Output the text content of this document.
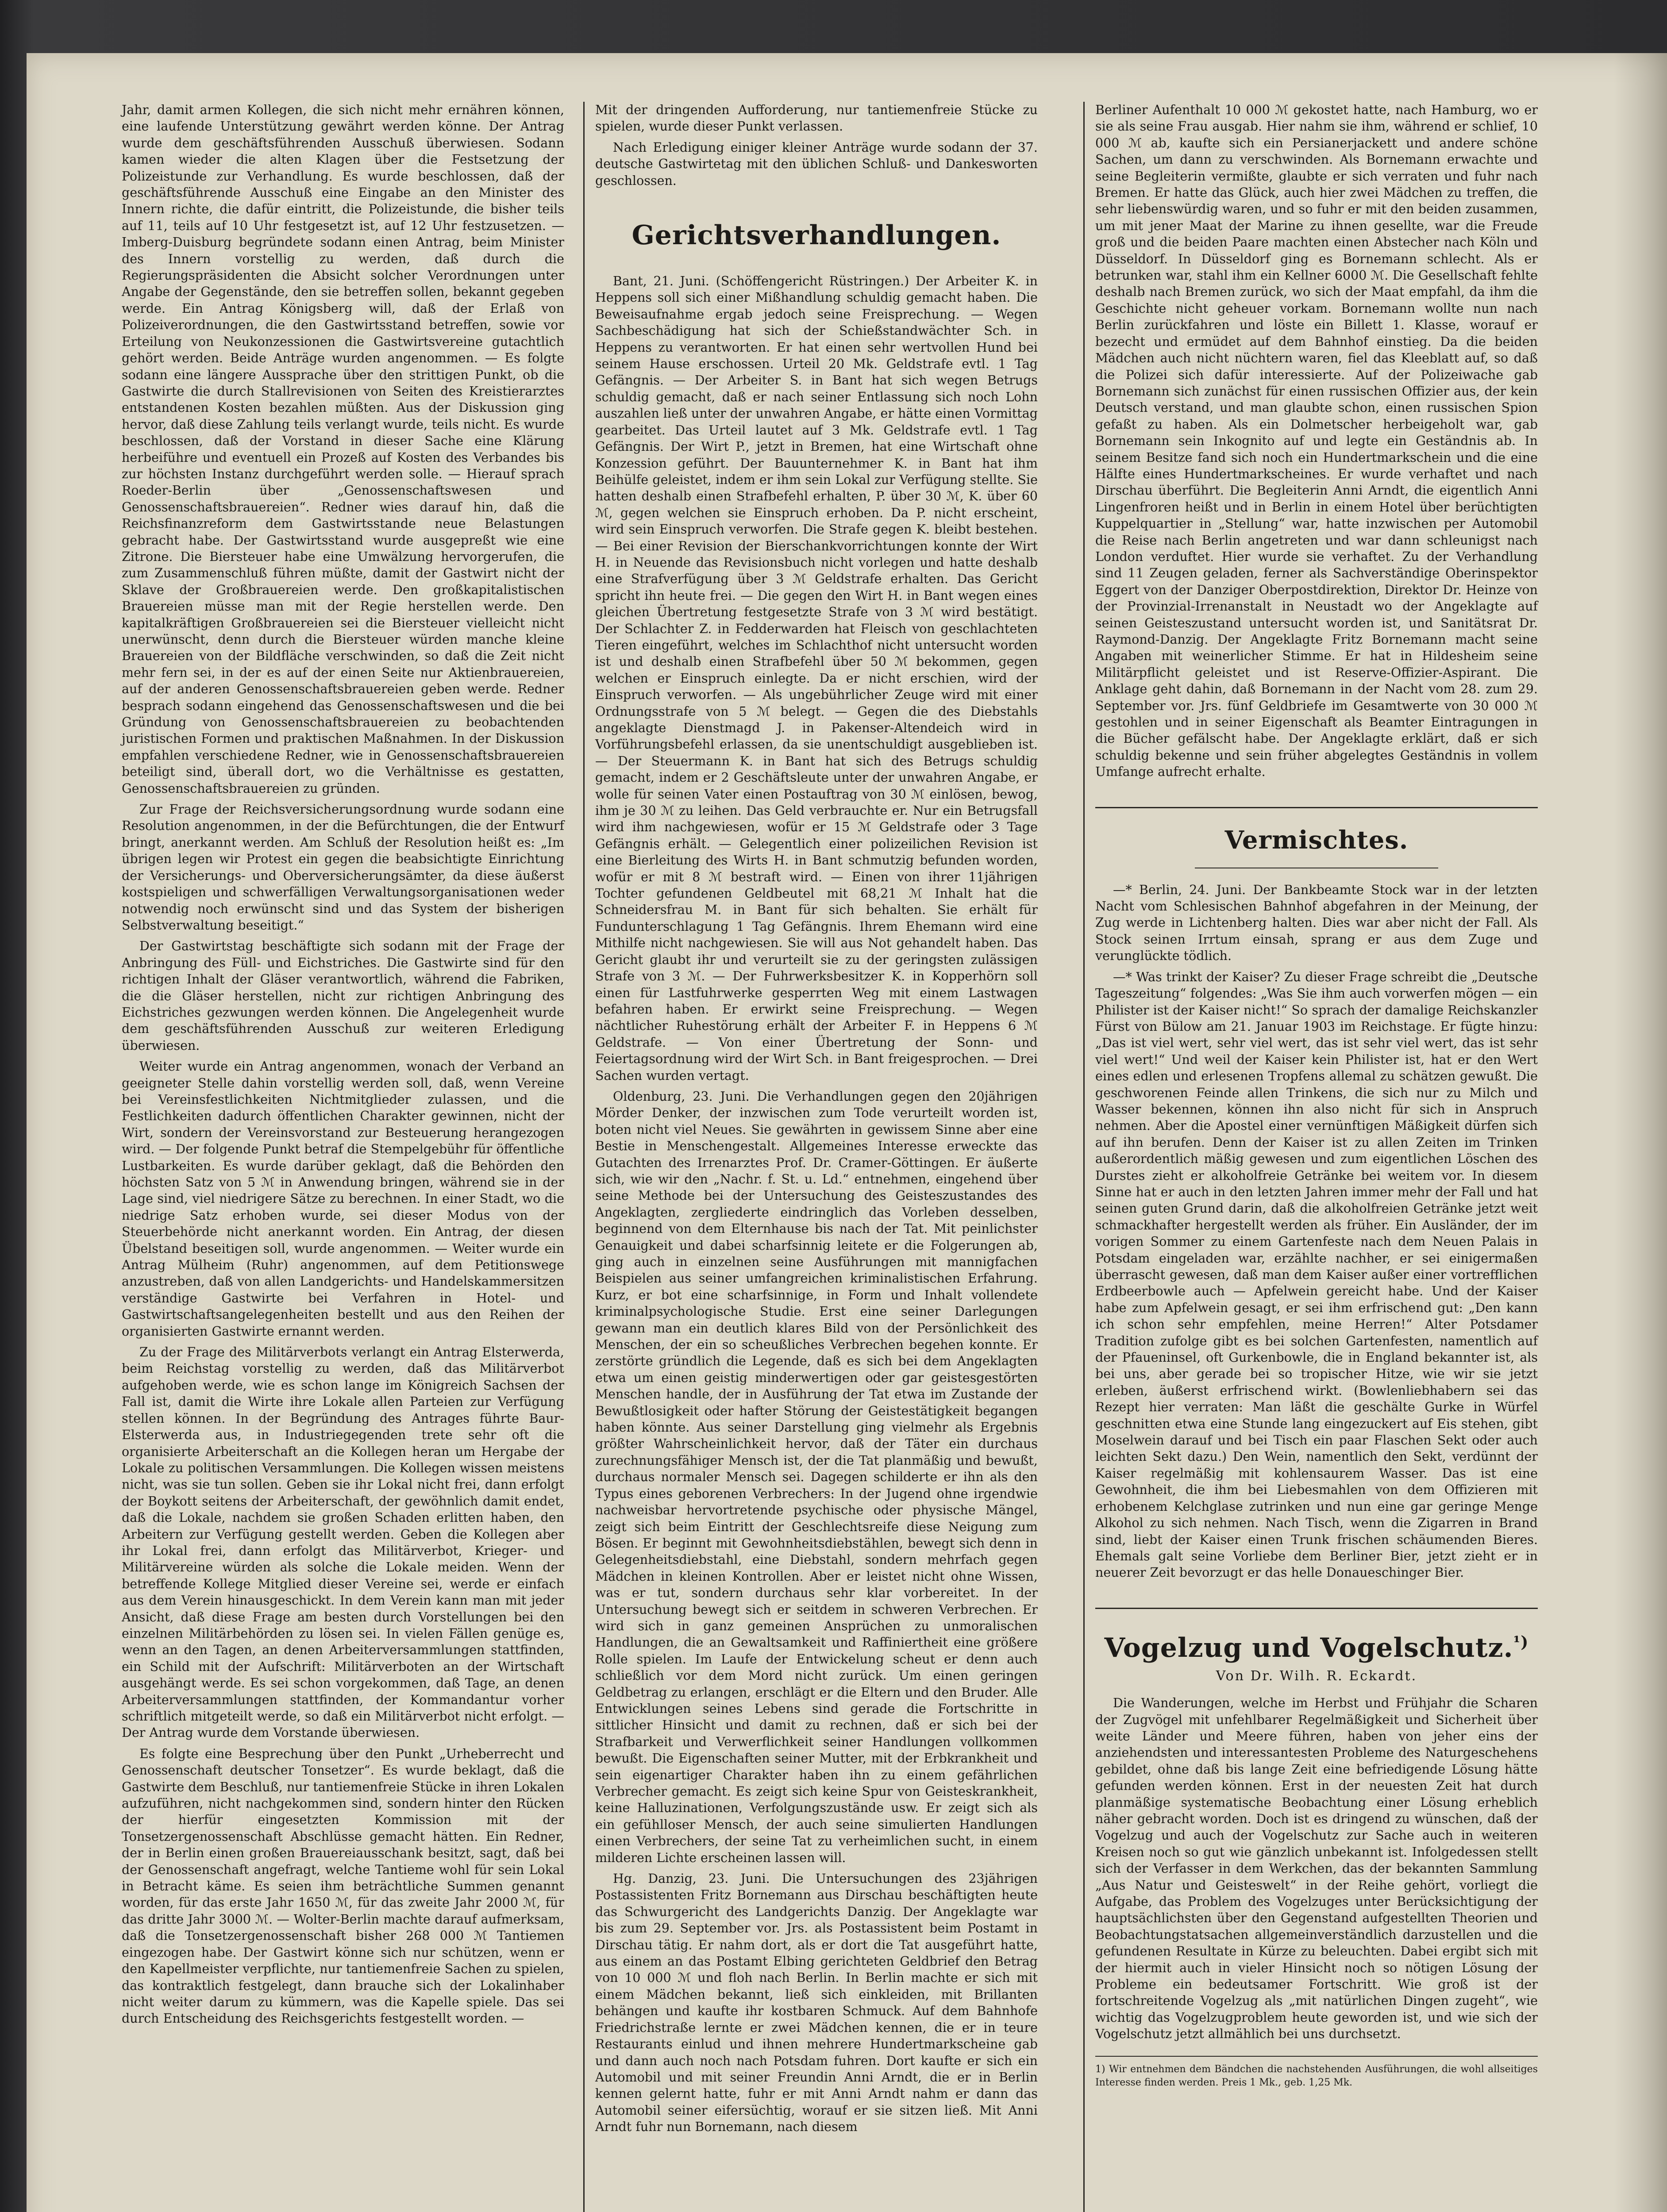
Jahr, damit armen Kollegen, die sich nicht mehr ernähren können, eine laufende Unterstützung gewährt werden könne. Der Antrag wurde dem geschäftsführenden Ausschuß überwiesen. Sodann kamen wieder die alten Klagen über die Festsetzung der Polizeistunde zur Verhandlung. Es wurde beschlossen, daß der geschäftsführende Ausschuß eine Eingabe an den Minister des Innern richte, die dafür eintritt, die Polizeistunde, die bisher teils auf 11, teils auf 10 Uhr festgesetzt ist, auf 12 Uhr festzusetzen. — Imberg-Duisburg begründete sodann einen Antrag, beim Minister des Innern vorstellig zu werden, daß durch die Regierungspräsidenten die Absicht solcher Verordnungen unter Angabe der Gegenstände, den sie betreffen sollen, bekannt gegeben werde. Ein Antrag Königsberg will, daß der Erlaß von Polizeiverordnungen, die den Gastwirtsstand betreffen, sowie vor Erteilung von Neukonzessionen die Gastwirtsvereine gutachtlich gehört werden. Beide Anträge wurden angenommen. — Es folgte sodann eine längere Aussprache über den strittigen Punkt, ob die Gastwirte die durch Stallrevisionen von Seiten des Kreistierarztes entstandenen Kosten bezahlen müßten. Aus der Diskussion ging hervor, daß diese Zahlung teils verlangt wurde, teils nicht. Es wurde beschlossen, daß der Vorstand in dieser Sache eine Klärung herbeiführe und eventuell ein Prozeß auf Kosten des Verbandes bis zur höchsten Instanz durchgeführt werden solle. — Hierauf sprach Roeder-Berlin über „Genossenschaftswesen und Genossenschaftsbrauereien“. Redner wies darauf hin, daß die Reichsfinanzreform dem Gastwirtsstande neue Belastungen gebracht habe. Der Gastwirtsstand wurde ausgepreßt wie eine Zitrone. Die Biersteuer habe eine Umwälzung hervorgerufen, die zum Zusammenschluß führen müßte, damit der Gastwirt nicht der Sklave der Großbrauereien werde. Den großkapitalistischen Brauereien müsse man mit der Regie herstellen werde. Den kapitalkräftigen Großbrauereien sei die Biersteuer vielleicht nicht unerwünscht, denn durch die Biersteuer würden manche kleine Brauereien von der Bildfläche verschwinden, so daß die Zeit nicht mehr fern sei, in der es auf der einen Seite nur Aktienbrauereien, auf der anderen Genossenschaftsbrauereien geben werde. Redner besprach sodann eingehend das Genossenschaftswesen und die bei Gründung von Genossenschaftsbrauereien zu beobachtenden juristischen Formen und praktischen Maßnahmen. In der Diskussion empfahlen verschiedene Redner, wie in Genossenschaftsbrauereien beteiligt sind, überall dort, wo die Verhältnisse es gestatten, Genossenschaftsbrauereien zu gründen.

Zur Frage der Reichsversicherungsordnung wurde sodann eine Resolution angenommen, in der die Befürchtungen, die der Entwurf bringt, anerkannt werden. Am Schluß der Resolution heißt es: „Im übrigen legen wir Protest ein gegen die beabsichtigte Einrichtung der Versicherungs- und Oberversicherungsämter, da diese äußerst kostspieligen und schwerfälligen Verwaltungsorganisationen weder notwendig noch erwünscht sind und das System der bisherigen Selbstverwaltung beseitigt.“

Der Gastwirtstag beschäftigte sich sodann mit der Frage der Anbringung des Füll- und Eichstriches. Die Gastwirte sind für den richtigen Inhalt der Gläser verantwortlich, während die Fabriken, die die Gläser herstellen, nicht zur richtigen Anbringung des Eichstriches gezwungen werden können. Die Angelegenheit wurde dem geschäftsführenden Ausschuß zur weiteren Erledigung überwiesen.

Weiter wurde ein Antrag angenommen, wonach der Verband an geeigneter Stelle dahin vorstellig werden soll, daß, wenn Vereine bei Vereinsfestlichkeiten Nichtmitglieder zulassen, und die Festlichkeiten dadurch öffentlichen Charakter gewinnen, nicht der Wirt, sondern der Vereinsvorstand zur Besteuerung herangezogen wird. — Der folgende Punkt betraf die Stempelgebühr für öffentliche Lustbarkeiten. Es wurde darüber geklagt, daß die Behörden den höchsten Satz von 5 ℳ in Anwendung bringen, während sie in der Lage sind, viel niedrigere Sätze zu berechnen. In einer Stadt, wo die niedrige Satz erhoben wurde, sei dieser Modus von der Steuerbehörde nicht anerkannt worden. Ein Antrag, der diesen Übelstand beseitigen soll, wurde angenommen. — Weiter wurde ein Antrag Mülheim (Ruhr) angenommen, auf dem Petitionswege anzustreben, daß von allen Landgerichts- und Handelskammersitzen verständige Gastwirte bei Verfahren in Hotel- und Gastwirtschaftsangelegenheiten bestellt und aus den Reihen der organisierten Gastwirte ernannt werden.

Zu der Frage des Militärverbots verlangt ein Antrag Elsterwerda, beim Reichstag vorstellig zu werden, daß das Militärverbot aufgehoben werde, wie es schon lange im Königreich Sachsen der Fall ist, damit die Wirte ihre Lokale allen Parteien zur Verfügung stellen können. In der Begründung des Antrages führte Baur-Elsterwerda aus, in Industriegegenden trete sehr oft die organisierte Arbeiterschaft an die Kollegen heran um Hergabe der Lokale zu politischen Versammlungen. Die Kollegen wissen meistens nicht, was sie tun sollen. Geben sie ihr Lokal nicht frei, dann erfolgt der Boykott seitens der Arbeiterschaft, der gewöhnlich damit endet, daß die Lokale, nachdem sie großen Schaden erlitten haben, den Arbeitern zur Verfügung gestellt werden. Geben die Kollegen aber ihr Lokal frei, dann erfolgt das Militärverbot, Krieger- und Militärvereine würden als solche die Lokale meiden. Wenn der betreffende Kollege Mitglied dieser Vereine sei, werde er einfach aus dem Verein hinausgeschickt. In dem Verein kann man mit jeder Ansicht, daß diese Frage am besten durch Vorstellungen bei den einzelnen Militärbehörden zu lösen sei. In vielen Fällen genüge es, wenn an den Tagen, an denen Arbeiterversammlungen stattfinden, ein Schild mit der Aufschrift: Militärverboten an der Wirtschaft ausgehängt werde. Es sei schon vorgekommen, daß Tage, an denen Arbeiterversammlungen stattfinden, der Kommandantur vorher schriftlich mitgeteilt werde, so daß ein Militärverbot nicht erfolgt. — Der Antrag wurde dem Vorstande überwiesen.

Es folgte eine Besprechung über den Punkt „Urheberrecht und Genossenschaft deutscher Tonsetzer“. Es wurde beklagt, daß die Gastwirte dem Beschluß, nur tantiemenfreie Stücke in ihren Lokalen aufzuführen, nicht nachgekommen sind, sondern hinter den Rücken der hierfür eingesetzten Kommission mit der Tonsetzergenossenschaft Abschlüsse gemacht hätten. Ein Redner, der in Berlin einen großen Brauereiausschank besitzt, sagt, daß bei der Genossenschaft angefragt, welche Tantieme wohl für sein Lokal in Betracht käme. Es seien ihm beträchtliche Summen genannt worden, für das erste Jahr 1650 ℳ, für das zweite Jahr 2000 ℳ, für das dritte Jahr 3000 ℳ. — Wolter-Berlin machte darauf aufmerksam, daß die Tonsetzergenossenschaft bisher 268 000 ℳ Tantiemen eingezogen habe. Der Gastwirt könne sich nur schützen, wenn er den Kapellmeister verpflichte, nur tantiemenfreie Sachen zu spielen, das kontraktlich festgelegt, dann brauche sich der Lokalinhaber nicht weiter darum zu kümmern, was die Kapelle spiele. Das sei durch Entscheidung des Reichsgerichts festgestellt worden. —

Mit der dringenden Aufforderung, nur tantiemenfreie Stücke zu spielen, wurde dieser Punkt verlassen.

Nach Erledigung einiger kleiner Anträge wurde sodann der 37. deutsche Gastwirtetag mit den üblichen Schluß- und Dankesworten geschlossen.

Gerichtsverhandlungen.

Bant, 21. Juni. (Schöffengericht Rüstringen.) Der Arbeiter K. in Heppens soll sich einer Mißhandlung schuldig gemacht haben. Die Beweisaufnahme ergab jedoch seine Freisprechung. — Wegen Sachbeschädigung hat sich der Schießstandwächter Sch. in Heppens zu verantworten. Er hat einen sehr wertvollen Hund bei seinem Hause erschossen. Urteil 20 Mk. Geldstrafe evtl. 1 Tag Gefängnis. — Der Arbeiter S. in Bant hat sich wegen Betrugs schuldig gemacht, daß er nach seiner Entlassung sich noch Lohn auszahlen ließ unter der unwahren Angabe, er hätte einen Vormittag gearbeitet. Das Urteil lautet auf 3 Mk. Geldstrafe evtl. 1 Tag Gefängnis. Der Wirt P., jetzt in Bremen, hat eine Wirtschaft ohne Konzession geführt. Der Bauunternehmer K. in Bant hat ihm Beihülfe geleistet, indem er ihm sein Lokal zur Verfügung stellte. Sie hatten deshalb einen Strafbefehl erhalten, P. über 30 ℳ, K. über 60 ℳ, gegen welchen sie Einspruch erhoben. Da P. nicht erscheint, wird sein Einspruch verworfen. Die Strafe gegen K. bleibt bestehen. — Bei einer Revision der Bierschankvorrichtungen konnte der Wirt H. in Neuende das Revisionsbuch nicht vorlegen und hatte deshalb eine Strafverfügung über 3 ℳ Geldstrafe erhalten. Das Gericht spricht ihn heute frei. — Die gegen den Wirt H. in Bant wegen eines gleichen Übertretung festgesetzte Strafe von 3 ℳ wird bestätigt. Der Schlachter Z. in Fedderwarden hat Fleisch von geschlachteten Tieren eingeführt, welches im Schlachthof nicht untersucht worden ist und deshalb einen Strafbefehl über 50 ℳ bekommen, gegen welchen er Einspruch einlegte. Da er nicht erschien, wird der Einspruch verworfen. — Als ungebührlicher Zeuge wird mit einer Ordnungsstrafe von 5 ℳ belegt. — Gegen die des Diebstahls angeklagte Dienstmagd J. in Pakenser-Altendeich wird in Vorführungsbefehl erlassen, da sie unentschuldigt ausgeblieben ist. — Der Steuermann K. in Bant hat sich des Betrugs schuldig gemacht, indem er 2 Geschäftsleute unter der unwahren Angabe, er wolle für seinen Vater einen Postauftrag von 30 ℳ einlösen, bewog, ihm je 30 ℳ zu leihen. Das Geld verbrauchte er. Nur ein Betrugsfall wird ihm nachgewiesen, wofür er 15 ℳ Geldstrafe oder 3 Tage Gefängnis erhält. — Gelegentlich einer polizeilichen Revision ist eine Bierleitung des Wirts H. in Bant schmutzig befunden worden, wofür er mit 8 ℳ bestraft wird. — Einen von ihrer 11jährigen Tochter gefundenen Geldbeutel mit 68,21 ℳ Inhalt hat die Schneidersfrau M. in Bant für sich behalten. Sie erhält für Fundunterschlagung 1 Tag Gefängnis. Ihrem Ehemann wird eine Mithilfe nicht nachgewiesen. Sie will aus Not gehandelt haben. Das Gericht glaubt ihr und verurteilt sie zu der geringsten zulässigen Strafe von 3 ℳ. — Der Fuhrwerksbesitzer K. in Kopperhörn soll einen für Lastfuhrwerke gesperrten Weg mit einem Lastwagen befahren haben. Er erwirkt seine Freisprechung. — Wegen nächtlicher Ruhestörung erhält der Arbeiter F. in Heppens 6 ℳ Geldstrafe. — Von einer Übertretung der Sonn- und Feiertagsordnung wird der Wirt Sch. in Bant freigesprochen. — Drei Sachen wurden vertagt.

Oldenburg, 23. Juni. Die Verhandlungen gegen den 20jährigen Mörder Denker, der inzwischen zum Tode verurteilt worden ist, boten nicht viel Neues. Sie gewährten in gewissem Sinne aber eine Bestie in Menschengestalt. Allgemeines Interesse erweckte das Gutachten des Irrenarztes Prof. Dr. Cramer-Göttingen. Er äußerte sich, wie wir den „Nachr. f. St. u. Ld.“ entnehmen, eingehend über seine Methode bei der Untersuchung des Geisteszustandes des Angeklagten, zergliederte eindringlich das Vorleben desselben, beginnend von dem Elternhause bis nach der Tat. Mit peinlichster Genauigkeit und dabei scharfsinnig leitete er die Folgerungen ab, ging auch in einzelnen seine Ausführungen mit mannigfachen Beispielen aus seiner umfangreichen kriminalistischen Erfahrung. Kurz, er bot eine scharfsinnige, in Form und Inhalt vollendete kriminalpsychologische Studie. Erst eine seiner Darlegungen gewann man ein deutlich klares Bild von der Persönlichkeit des Menschen, der ein so scheußliches Verbrechen begehen konnte. Er zerstörte gründlich die Legende, daß es sich bei dem Angeklagten etwa um einen geistig minderwertigen oder gar geistesgestörten Menschen handle, der in Ausführung der Tat etwa im Zustande der Bewußtlosigkeit oder hafter Störung der Geistestätigkeit begangen haben könnte. Aus seiner Darstellung ging vielmehr als Ergebnis größter Wahrscheinlichkeit hervor, daß der Täter ein durchaus zurechnungsfähiger Mensch ist, der die Tat planmäßig und bewußt, durchaus normaler Mensch sei. Dagegen schilderte er ihn als den Typus eines geborenen Verbrechers: In der Jugend ohne irgendwie nachweisbar hervortretende psychische oder physische Mängel, zeigt sich beim Eintritt der Geschlechtsreife diese Neigung zum Bösen. Er beginnt mit Gewohnheitsdiebstählen, bewegt sich denn in Gelegenheitsdiebstahl, eine Diebstahl, sondern mehrfach gegen Mädchen in kleinen Kontrollen. Aber er leistet nicht ohne Wissen, was er tut, sondern durchaus sehr klar vorbereitet. In der Untersuchung bewegt sich er seitdem in schweren Verbrechen. Er wird sich in ganz gemeinen Ansprüchen zu unmoralischen Handlungen, die an Gewaltsamkeit und Raffiniertheit eine größere Rolle spielen. Im Laufe der Entwickelung scheut er denn auch schließlich vor dem Mord nicht zurück. Um einen geringen Geldbetrag zu erlangen, erschlägt er die Eltern und den Bruder. Alle Entwicklungen seines Lebens sind gerade die Fortschritte in sittlicher Hinsicht und damit zu rechnen, daß er sich bei der Strafbarkeit und Verwerflichkeit seiner Handlungen vollkommen bewußt. Die Eigenschaften seiner Mutter, mit der Erbkrankheit und sein eigenartiger Charakter haben ihn zu einem gefährlichen Verbrecher gemacht. Es zeigt sich keine Spur von Geisteskrankheit, keine Halluzinationen, Verfolgungszustände usw. Er zeigt sich als ein gefühlloser Mensch, der auch seine simulierten Handlungen einen Verbrechers, der seine Tat zu verheimlichen sucht, in einem milderen Lichte erscheinen lassen will.

Hg. Danzig, 23. Juni. Die Untersuchungen des 23jährigen Postassistenten Fritz Bornemann aus Dirschau beschäftigten heute das Schwurgericht des Landgerichts Danzig. Der Angeklagte war bis zum 29. September vor. Jrs. als Postassistent beim Postamt in Dirschau tätig. Er nahm dort, als er dort die Tat ausgeführt hatte, aus einem an das Postamt Elbing gerichteten Geldbrief den Betrag von 10 000 ℳ und floh nach Berlin. In Berlin machte er sich mit einem Mädchen bekannt, ließ sich einkleiden, mit Brillanten behängen und kaufte ihr kostbaren Schmuck. Auf dem Bahnhofe Friedrichstraße lernte er zwei Mädchen kennen, die er in teure Restaurants einlud und ihnen mehrere Hundertmarkscheine gab und dann auch noch nach Potsdam fuhren. Dort kaufte er sich ein Automobil und mit seiner Freundin Anni Arndt, die er in Berlin kennen gelernt hatte, fuhr er mit Anni Arndt nahm er dann das Automobil seiner eifersüchtig, worauf er sie sitzen ließ. Mit Anni Arndt fuhr nun Bornemann, nach diesem

Berliner Aufenthalt 10 000 ℳ gekostet hatte, nach Hamburg, wo er sie als seine Frau ausgab. Hier nahm sie ihm, während er schlief, 10 000 ℳ ab, kaufte sich ein Persianerjackett und andere schöne Sachen, um dann zu verschwinden. Als Bornemann erwachte und seine Begleiterin vermißte, glaubte er sich verraten und fuhr nach Bremen. Er hatte das Glück, auch hier zwei Mädchen zu treffen, die sehr liebenswürdig waren, und so fuhr er mit den beiden zusammen, um mit jener Maat der Marine zu ihnen gesellte, war die Freude groß und die beiden Paare machten einen Abstecher nach Köln und Düsseldorf. In Düsseldorf ging es Bornemann schlecht. Als er betrunken war, stahl ihm ein Kellner 6000 ℳ. Die Gesellschaft fehlte deshalb nach Bremen zurück, wo sich der Maat empfahl, da ihm die Geschichte nicht geheuer vorkam. Bornemann wollte nun nach Berlin zurückfahren und löste ein Billett 1. Klasse, worauf er bezecht und ermüdet auf dem Bahnhof einstieg. Da die beiden Mädchen auch nicht nüchtern waren, fiel das Kleeblatt auf, so daß die Polizei sich dafür interessierte. Auf der Polizeiwache gab Bornemann sich zunächst für einen russischen Offizier aus, der kein Deutsch verstand, und man glaubte schon, einen russischen Spion gefaßt zu haben. Als ein Dolmetscher herbeigeholt war, gab Bornemann sein Inkognito auf und legte ein Geständnis ab. In seinem Besitze fand sich noch ein Hundertmarkschein und die eine Hälfte eines Hundertmarkscheines. Er wurde verhaftet und nach Dirschau überführt. Die Begleiterin Anni Arndt, die eigentlich Anni Lingenfroren heißt und in Berlin in einem Hotel über berüchtigten Kuppelquartier in „Stellung“ war, hatte inzwischen per Automobil die Reise nach Berlin angetreten und war dann schleunigst nach London verduftet. Hier wurde sie verhaftet. Zu der Verhandlung sind 11 Zeugen geladen, ferner als Sachverständige Oberinspektor Eggert von der Danziger Oberpostdirektion, Direktor Dr. Heinze von der Provinzial-Irrenanstalt in Neustadt wo der Angeklagte auf seinen Geisteszustand untersucht worden ist, und Sanitätsrat Dr. Raymond-Danzig. Der Angeklagte Fritz Bornemann macht seine Angaben mit weinerlicher Stimme. Er hat in Hildesheim seine Militärpflicht geleistet und ist Reserve-Offizier-Aspirant. Die Anklage geht dahin, daß Bornemann in der Nacht vom 28. zum 29. September vor. Jrs. fünf Geldbriefe im Gesamtwerte von 30 000 ℳ gestohlen und in seiner Eigenschaft als Beamter Eintragungen in die Bücher gefälscht habe. Der Angeklagte erklärt, daß er sich schuldig bekenne und sein früher abgelegtes Geständnis in vollem Umfange aufrecht erhalte.

Vermischtes.

—* Berlin, 24. Juni. Der Bankbeamte Stock war in der letzten Nacht vom Schlesischen Bahnhof abgefahren in der Meinung, der Zug werde in Lichtenberg halten. Dies war aber nicht der Fall. Als Stock seinen Irrtum einsah, sprang er aus dem Zuge und verunglückte tödlich.

—* Was trinkt der Kaiser? Zu dieser Frage schreibt die „Deutsche Tageszeitung“ folgendes: „Was Sie ihm auch vorwerfen mögen — ein Philister ist der Kaiser nicht!“ So sprach der damalige Reichskanzler Fürst von Bülow am 21. Januar 1903 im Reichstage. Er fügte hinzu: „Das ist viel wert, sehr viel wert, das ist sehr viel wert, das ist sehr viel wert!“ Und weil der Kaiser kein Philister ist, hat er den Wert eines edlen und erlesenen Tropfens allemal zu schätzen gewußt. Die geschworenen Feinde allen Trinkens, die sich nur zu Milch und Wasser bekennen, können ihn also nicht für sich in Anspruch nehmen. Aber die Apostel einer vernünftigen Mäßigkeit dürfen sich auf ihn berufen. Denn der Kaiser ist zu allen Zeiten im Trinken außerordentlich mäßig gewesen und zum eigentlichen Löschen des Durstes zieht er alkoholfreie Getränke bei weitem vor. In diesem Sinne hat er auch in den letzten Jahren immer mehr der Fall und hat seinen guten Grund darin, daß die alkoholfreien Getränke jetzt weit schmackhafter hergestellt werden als früher. Ein Ausländer, der im vorigen Sommer zu einem Gartenfeste nach dem Neuen Palais in Potsdam eingeladen war, erzählte nachher, er sei einigermaßen überrascht gewesen, daß man dem Kaiser außer einer vortrefflichen Erdbeerbowle auch — Apfelwein gereicht habe. Und der Kaiser habe zum Apfelwein gesagt, er sei ihm erfrischend gut: „Den kann ich schon sehr empfehlen, meine Herren!“ Alter Potsdamer Tradition zufolge gibt es bei solchen Gartenfesten, namentlich auf der Pfaueninsel, oft Gurkenbowle, die in England bekannter ist, als bei uns, aber gerade bei so tropischer Hitze, wie wir sie jetzt erleben, äußerst erfrischend wirkt. (Bowlenliebhabern sei das Rezept hier verraten: Man läßt die geschälte Gurke in Würfel geschnitten etwa eine Stunde lang eingezuckert auf Eis stehen, gibt Moselwein darauf und bei Tisch ein paar Flaschen Sekt oder auch leichten Sekt dazu.) Den Wein, namentlich den Sekt, verdünnt der Kaiser regelmäßig mit kohlensaurem Wasser. Das ist eine Gewohnheit, die ihm bei Liebesmahlen von dem Offizieren mit erhobenem Kelchglase zutrinken und nun eine gar geringe Menge Alkohol zu sich nehmen. Nach Tisch, wenn die Zigarren in Brand sind, liebt der Kaiser einen Trunk frischen schäumenden Bieres. Ehemals galt seine Vorliebe dem Berliner Bier, jetzt zieht er in neuerer Zeit bevorzugt er das helle Donaueschinger Bier.

Vogelzug und Vogelschutz.$^{^1)}$
Von Dr. Wilh. R. Eckardt.

Die Wanderungen, welche im Herbst und Frühjahr die Scharen der Zugvögel mit unfehlbarer Regelmäßigkeit und Sicherheit über weite Länder und Meere führen, haben von jeher eins der anziehendsten und interessantesten Probleme des Naturgeschehens gebildet, ohne daß bis lange Zeit eine befriedigende Lösung hätte gefunden werden können. Erst in der neuesten Zeit hat durch planmäßige systematische Beobachtung einer Lösung erheblich näher gebracht worden. Doch ist es dringend zu wünschen, daß der Vogelzug und auch der Vogelschutz zur Sache auch in weiteren Kreisen noch so gut wie gänzlich unbekannt ist. Infolgedessen stellt sich der Verfasser in dem Werkchen, das der bekannten Sammlung „Aus Natur und Geisteswelt“ in der Reihe gehört, vorliegt die Aufgabe, das Problem des Vogelzuges unter Berücksichtigung der hauptsächlichsten über den Gegenstand aufgestellten Theorien und Beobachtungstatsachen allgemeinverständlich darzustellen und die gefundenen Resultate in Kürze zu beleuchten. Dabei ergibt sich mit der hiermit auch in vieler Hinsicht noch so nötigen Lösung der Probleme ein bedeutsamer Fortschritt. Wie groß ist der fortschreitende Vogelzug als „mit natürlichen Dingen zugeht“, wie wichtig das Vogelzugproblem heute geworden ist, und wie sich der Vogelschutz jetzt allmählich bei uns durchsetzt.

1) Wir entnehmen dem Bändchen die nachstehenden Ausführungen, die wohl allseitiges Interesse finden werden. Preis 1 Mk., geb. 1,25 Mk.
